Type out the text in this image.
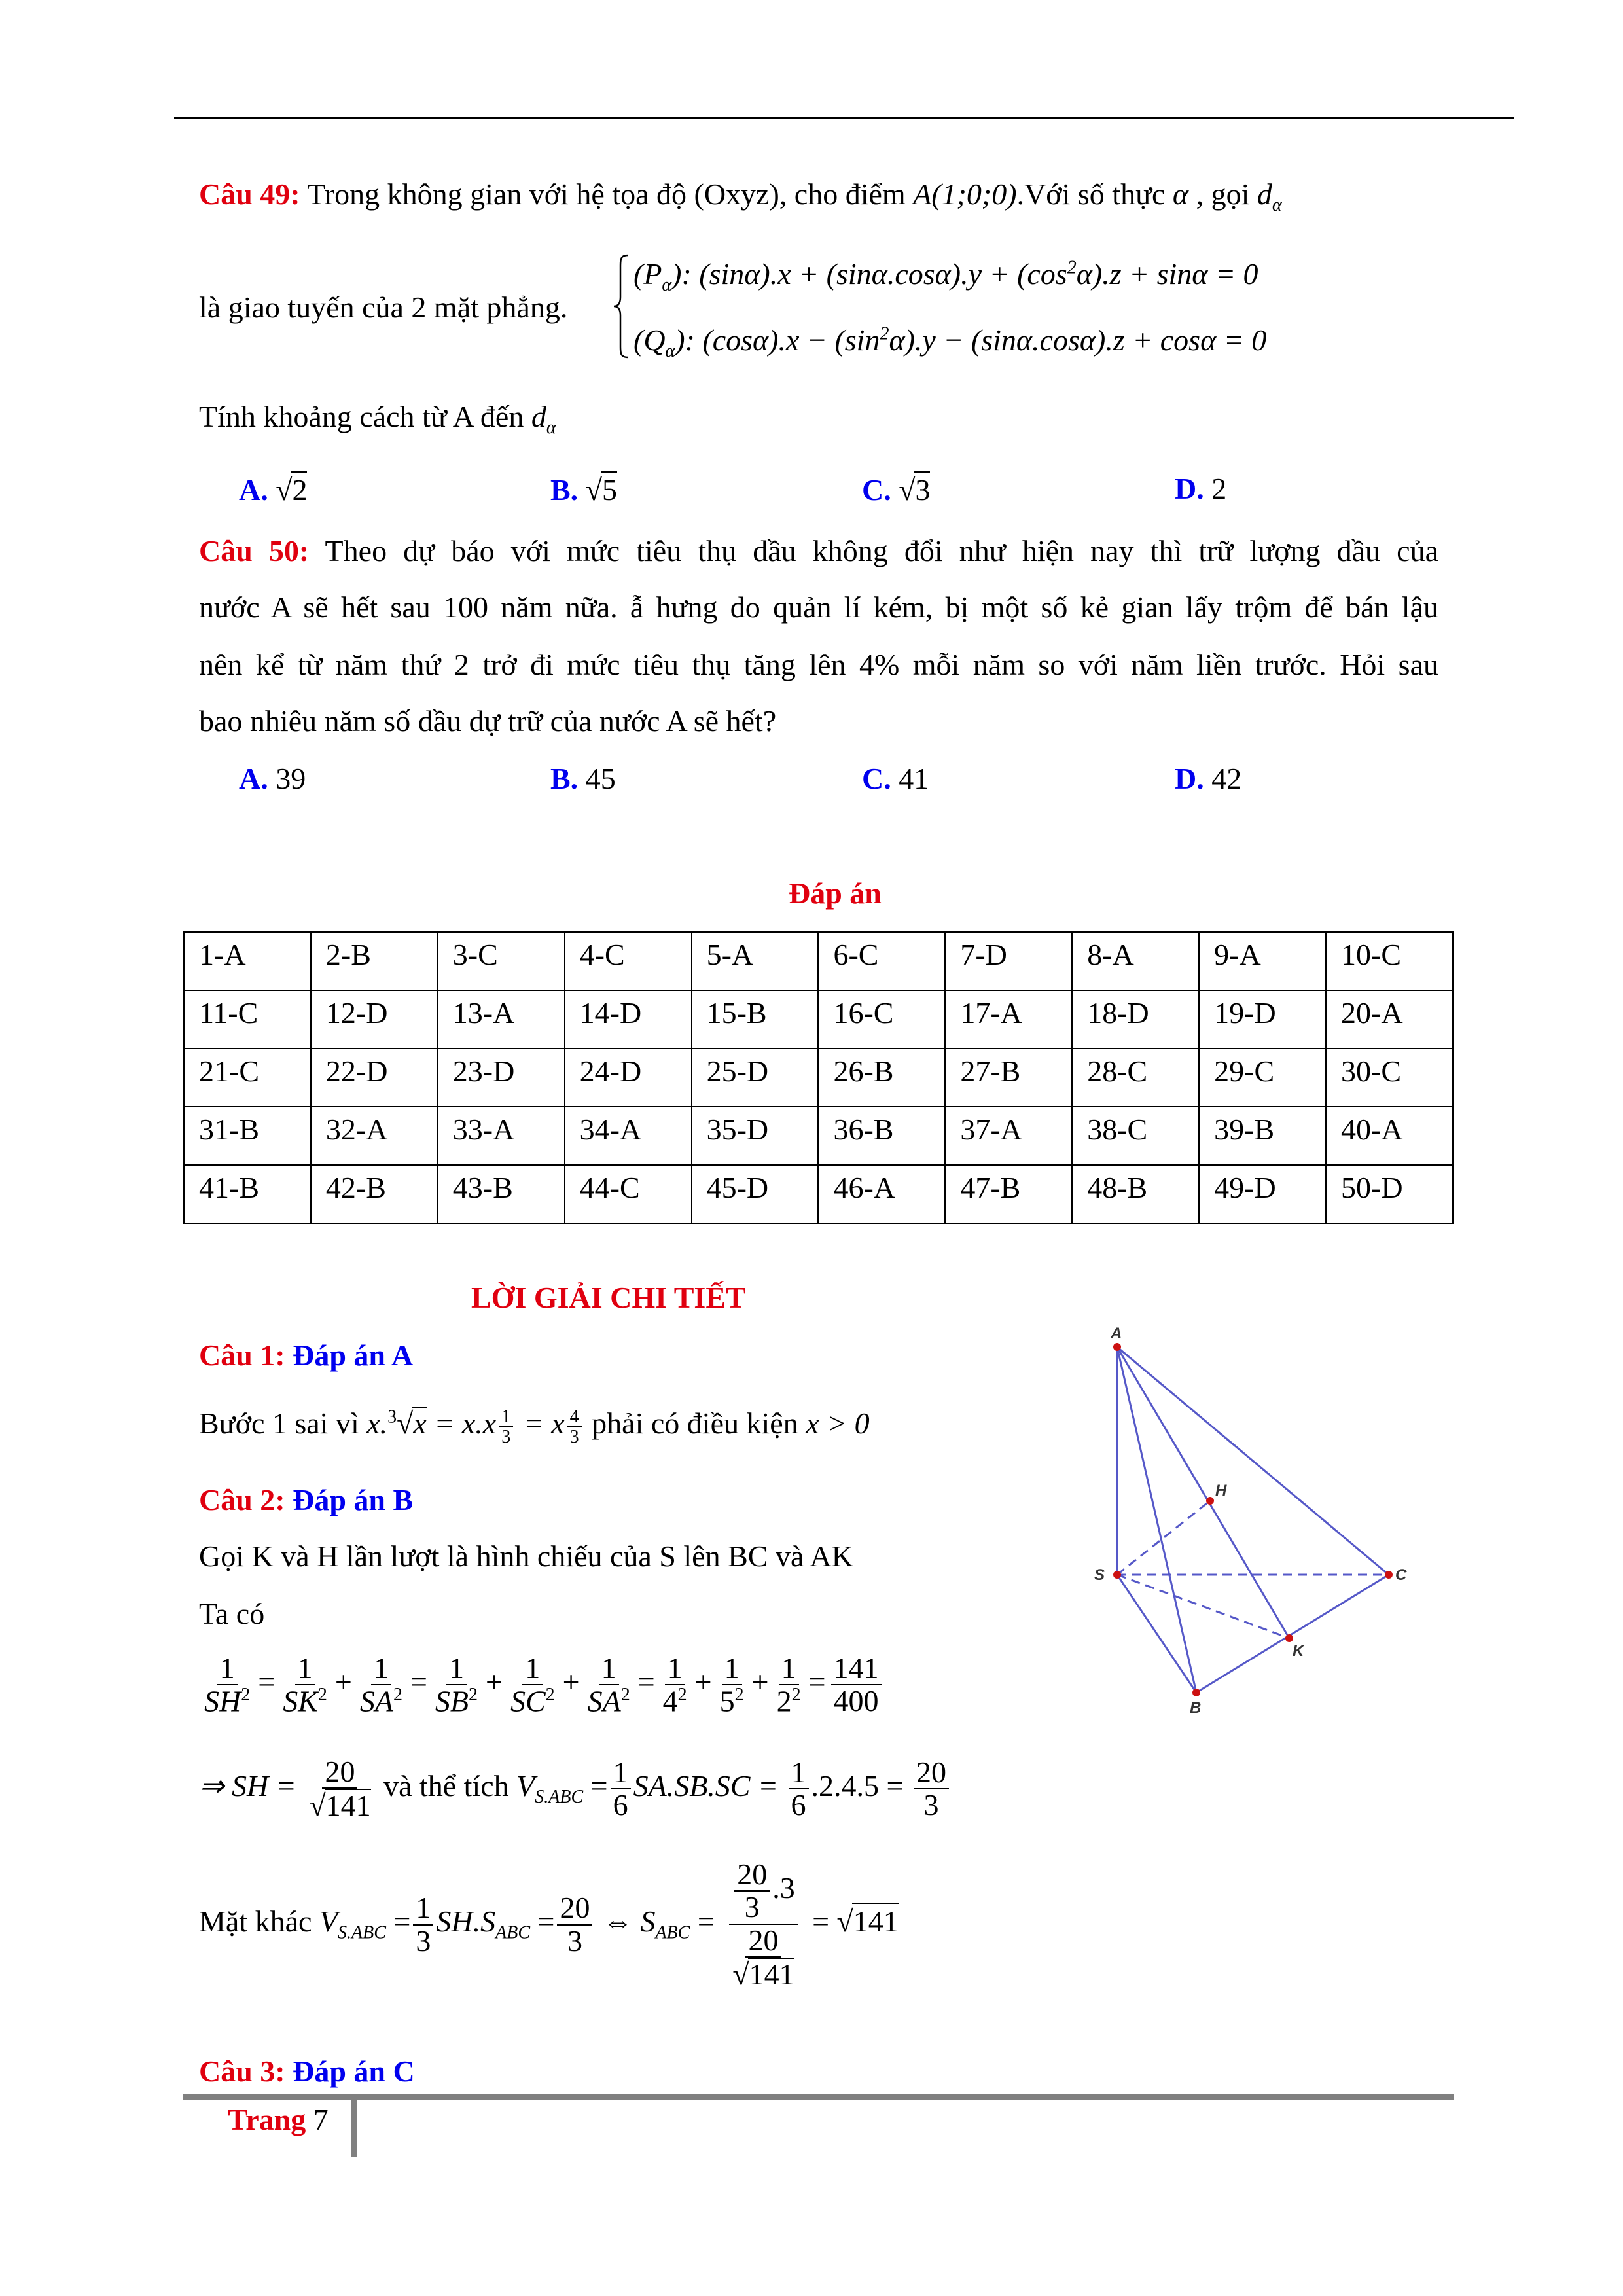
Câu 49: Trong không gian với hệ tọa độ (Oxyz), cho điểm A(1;0;0).Với số thực α , gọi $d_\alpha$
là giao tuyến của 2 mặt phẳng.
$(P_\alpha)$: $(\sin\alpha).x + (\sin\alpha.\cos\alpha).y + (\cos^2\alpha).z + \sin\alpha = 0$
$(Q_\alpha)$: $(\cos\alpha).x - (\sin^2\alpha).y - (\sin\alpha.\cos\alpha).z + \cos\alpha = 0$
Tính khoảng cách từ A đến $d_\alpha$
A. √2	B. √5	C. √3	D. 2
Câu 50: Theo dự báo với mức tiêu thụ dầu không đổi như hiện nay thì trữ lượng dầu của
nước A sẽ hết sau 100 năm nữa. ẫ hưng do quản lí kém, bị một số kẻ gian lấy trộm để bán lậu
nên kể từ năm thứ 2 trở đi mức tiêu thụ tăng lên 4% mỗi năm so với năm liền trước. Hỏi sau
bao nhiêu năm số dầu dự trữ của nước A sẽ hết?
A. 39	B. 45	C. 41	D. 42
Đáp án
1-A	2-B	3-C	4-C	5-A	6-C	7-D	8-A	9-A	10-C
11-C	12-D	13-A	14-D	15-B	16-C	17-A	18-D	19-D	20-A
21-C	22-D	23-D	24-D	25-D	26-B	27-B	28-C	29-C	30-C
31-B	32-A	33-A	34-A	35-D	36-B	37-A	38-C	39-B	40-A
41-B	42-B	43-B	44-C	45-D	46-A	47-B	48-B	49-D	50-D
LỜI GIẢI CHI TIẾT
Câu 1: Đáp án A
Bước 1 sai vì $x.^3√x = x.x \frac{1}{3} = x \frac{4}{3}$ phải có điều kiện x > 0
Câu 2: Đáp án B
Gọi K và H lần lượt là hình chiếu của S lên BC và AK
Ta có
$\frac{1}{SH^2} = \frac{1}{SK^2} + \frac{1}{SA^2} = \frac{1}{SB^2} + \frac{1}{SC^2} + \frac{1}{SA^2} = \frac{1}{4^2} + \frac{1}{5^2} + \frac{1}{2^2} = \frac{141}{400}$
⇒ SH = $\frac{20}{√141}$ và thể tích $V_{S.ABC} = \frac{1}{6} SA.SB.SC = \frac{1}{6} .2.4.5 = \frac{20}{3}$
Mặt khác $V_{S.ABC} = \frac{1}{3} SH.S_{ABC} = \frac{20}{3}$ ⇔ $S_{ABC} = \frac{\frac{20}{3} .3}{\frac{20}{√141}} = √141$
Câu 3: Đáp án C
A
H
S	C
K
B
Trang 7
